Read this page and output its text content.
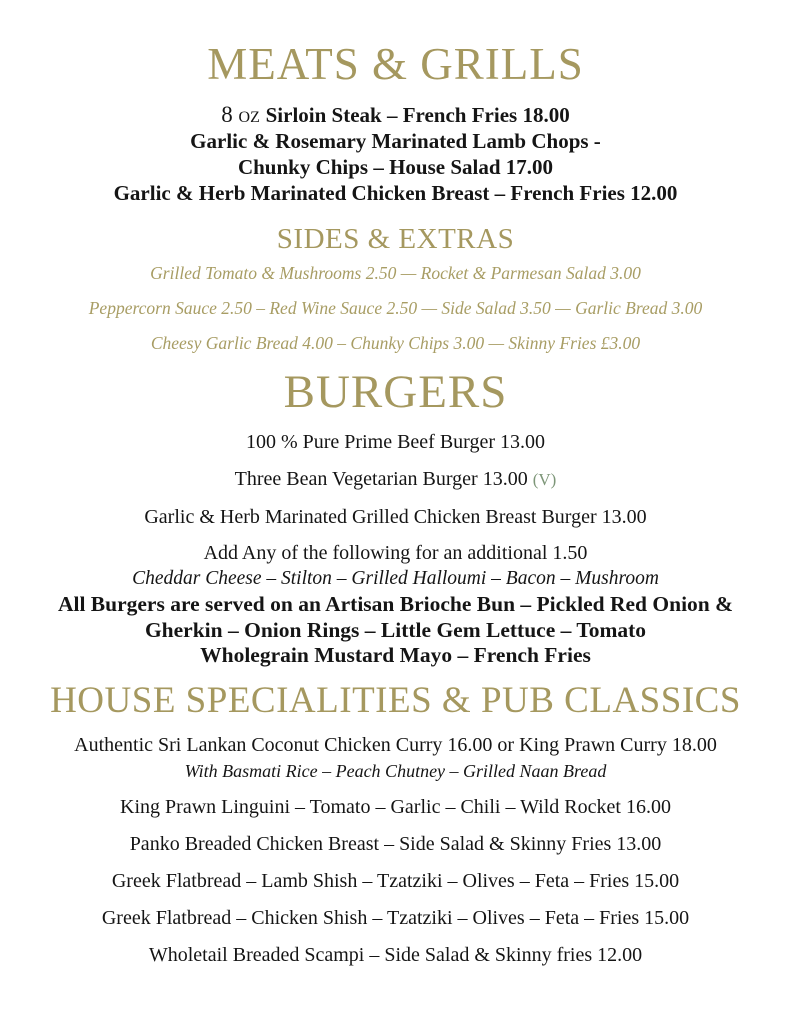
MEATS & GRILLS

8 oz Sirloin Steak – French Fries 18.00

Garlic & Rosemary Marinated Lamb Chops -

Chunky Chips – House Salad 17.00

Garlic & Herb Marinated Chicken Breast – French Fries 12.00

SIDES & EXTRAS

Grilled Tomato & Mushrooms 2.50 — Rocket & Parmesan Salad 3.00

Peppercorn Sauce 2.50 – Red Wine Sauce 2.50 — Side Salad 3.50 — Garlic Bread 3.00

Cheesy Garlic Bread 4.00 – Chunky Chips 3.00 — Skinny Fries £3.00

BURGERS

100 % Pure Prime Beef Burger 13.00

Three Bean Vegetarian Burger 13.00 (V)

Garlic & Herb Marinated Grilled Chicken Breast Burger 13.00

Add Any of the following for an additional 1.50

Cheddar Cheese – Stilton – Grilled Halloumi – Bacon – Mushroom

All Burgers are served on an Artisan Brioche Bun – Pickled Red Onion &

Gherkin – Onion Rings – Little Gem Lettuce – Tomato

Wholegrain Mustard Mayo – French Fries

HOUSE SPECIALITIES & PUB CLASSICS

Authentic Sri Lankan Coconut Chicken Curry 16.00 or King Prawn Curry 18.00

With Basmati Rice – Peach Chutney – Grilled Naan Bread

King Prawn Linguini – Tomato – Garlic – Chili – Wild Rocket 16.00

Panko Breaded Chicken Breast – Side Salad & Skinny Fries 13.00

Greek Flatbread – Lamb Shish – Tzatziki – Olives – Feta – Fries 15.00

Greek Flatbread – Chicken Shish – Tzatziki – Olives – Feta – Fries 15.00

Wholetail Breaded Scampi – Side Salad & Skinny fries 12.00
